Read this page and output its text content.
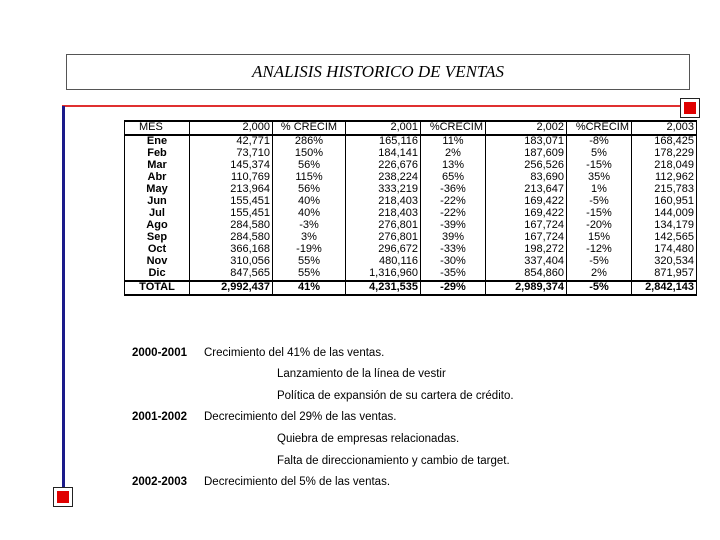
ANALISIS HISTORICO DE VENTAS
MES	2,000	% CRECIM	2,001	%CRECIM	2,002	%CRECIM	2,003
Ene	42,771	286%	165,116	11%	183,071	-8%	168,425
Feb	73,710	150%	184,141	2%	187,609	5%	178,229
Mar	145,374	56%	226,676	13%	256,526	-15%	218,049
Abr	110,769	115%	238,224	65%	83,690	35%	112,962
May	213,964	56%	333,219	-36%	213,647	1%	215,783
Jun	155,451	40%	218,403	-22%	169,422	-5%	160,951
Jul	155,451	40%	218,403	-22%	169,422	-15%	144,009
Ago	284,580	-3%	276,801	-39%	167,724	-20%	134,179
Sep	284,580	3%	276,801	39%	167,724	15%	142,565
Oct	366,168	-19%	296,672	-33%	198,272	-12%	174,480
Nov	310,056	55%	480,116	-30%	337,404	-5%	320,534
Dic	847,565	55%	1,316,960	-35%	854,860	2%	871,957
TOTAL	2,992,437	41%	4,231,535	-29%	2,989,374	-5%	2,842,143
2000-2001 Crecimiento del 41% de las ventas.
Lanzamiento de la línea de vestir
Política de expansión de su cartera de crédito.
2001-2002 Decrecimiento del 29% de las ventas.
Quiebra de empresas relacionadas.
Falta de direccionamiento y cambio de target.
2002-2003 Decrecimiento del 5% de las ventas.
